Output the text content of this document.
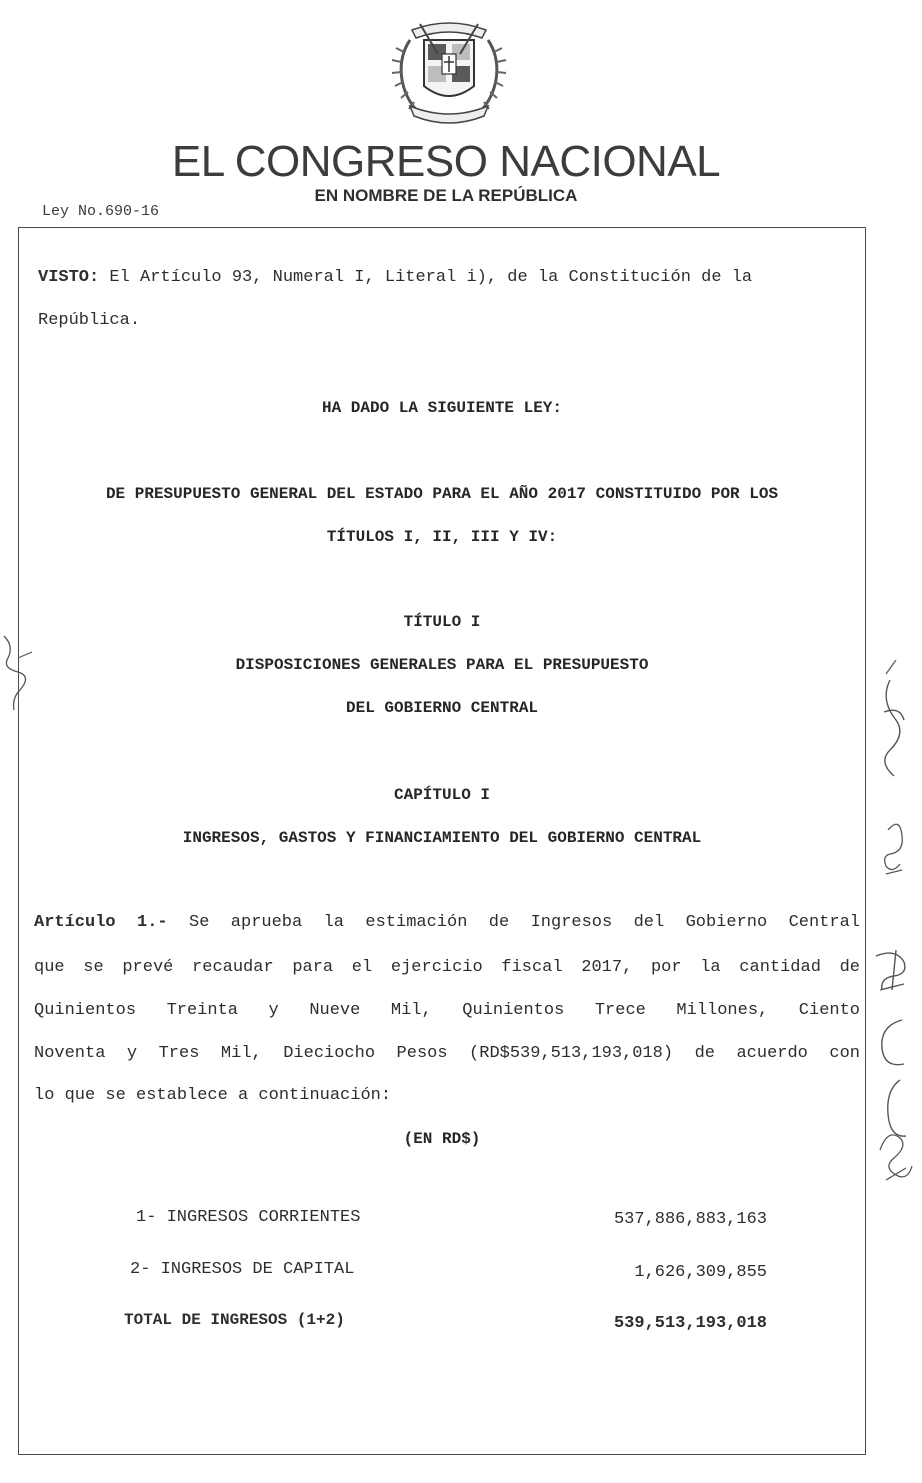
EL CONGRESO NACIONAL
EN NOMBRE DE LA REPÚBLICA
Ley No.690-16
VISTO: El Artículo 93, Numeral I, Literal i), de la Constitución de la
República.
HA DADO LA SIGUIENTE LEY:
DE PRESUPUESTO GENERAL DEL ESTADO PARA EL AÑO 2017 CONSTITUIDO POR LOS
TÍTULOS I, II, III Y IV:
TÍTULO I
DISPOSICIONES GENERALES PARA EL PRESUPUESTO
DEL GOBIERNO CENTRAL
CAPÍTULO I
INGRESOS, GASTOS Y FINANCIAMIENTO DEL GOBIERNO CENTRAL
Artículo 1.- Se aprueba la estimación de Ingresos del Gobierno Central
que se prevé recaudar para el ejercicio fiscal 2017, por la cantidad de
Quinientos Treinta y Nueve Mil, Quinientos Trece Millones, Ciento
Noventa y Tres Mil, Dieciocho Pesos (RD$539,513,193,018) de acuerdo con
lo que se establece a continuación:
(EN RD$)
1- INGRESOS CORRIENTES	537,886,883,163
2- INGRESOS DE CAPITAL	1,626,309,855
TOTAL DE INGRESOS (1+2)	539,513,193,018
